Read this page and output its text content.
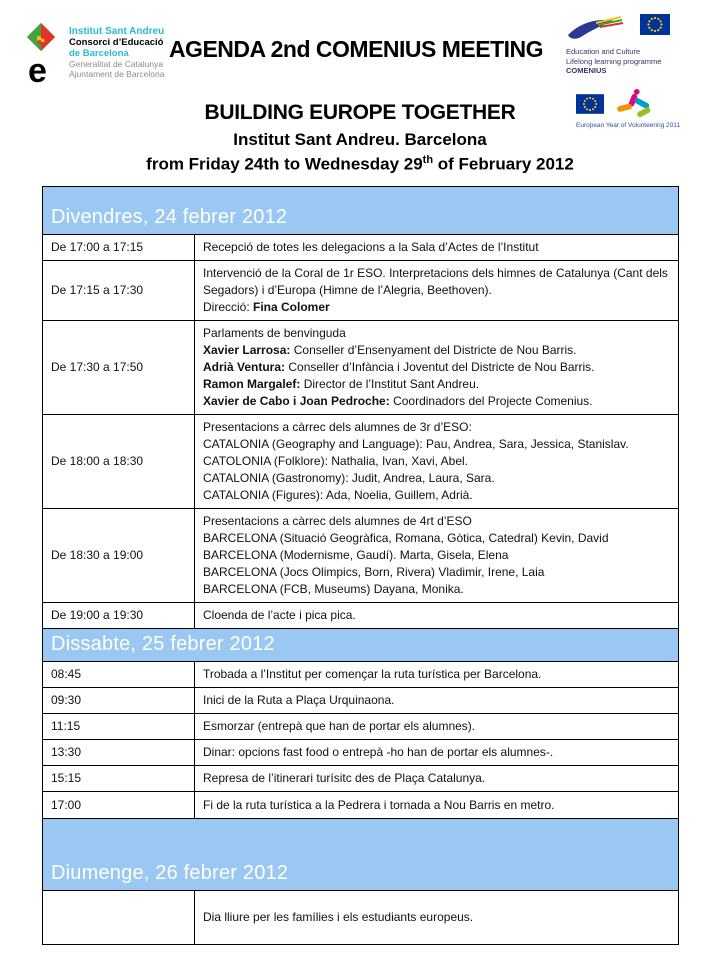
e
Institut Sant Andreu
Consorci d’Educació
de Barcelona
Generalitat de Catalunya
Ajuntament de Barcelona
AGENDA 2nd COMENIUS MEETING	Education and Culture
Lifelong learning programme
COMENIUS
European Year of Volunteering 2011
BUILDING EUROPE TOGETHER
Institut Sant Andreu. Barcelona
from Friday 24th to Wednesday 29th of February 2012
Divendres, 24 febrer 2012	
De 17:00 a 17:15	Recepció de totes les delegacions a la Sala d’Actes de l’Institut

De 17:15 a 17:30	Intervenció de la Coral de 1r ESO. Interpretacions dels himnes de Catalunya (Cant dels Segadors) i d’Europa (Himne de l’Alegria, Beethoven).
Direcció: Fina Colomer

De 17:30 a 17:50	Parlaments de benvinguda
Xavier Larrosa: Conseller d’Ensenyament del Districte de Nou Barris.
Adrià Ventura: Conseller d’Infància i Joventut del Districte de Nou Barris.
Ramon Margalef: Director de l’Institut Sant Andreu.
Xavier de Cabo i Joan Pedroche: Coordinadors del Projecte Comenius.

De 18:00 a 18:30	Presentacions a càrrec dels alumnes de 3r d’ESO:
CATALONIA (Geography and Language): Pau, Andrea, Sara, Jessica, Stanislav.
CATOLONIA (Folklore): Nathalia, Ivan, Xavi, Abel.
CATALONIA (Gastronomy): Judit, Andrea, Laura, Sara.
CATALONIA (Figures): Ada, Noelia, Guillem, Adrià.

De 18:30 a 19:00	Presentacions a càrrec dels alumnes de 4rt d’ESO
BARCELONA (Situació Geogràfica, Romana, Gòtica, Catedral) Kevin, David
BARCELONA (Modernisme, Gaudí). Marta, Gisela, Elena
BARCELONA (Jocs Olimpics, Born, Rivera) Vladimir, Irene, Laia
BARCELONA (FCB, Museums) Dayana, Monika.

De 19:00 a 19:30	Cloenda de l’acte i pica pica.

Dissabte, 25 febrer 2012	
08:45	Trobada a l’Institut per començar la ruta turística per Barcelona.

09:30	Inici de la Ruta a Plaça Urquinaona.

11:15	Esmorzar (entrepà que han de portar els alumnes).

13:30	Dinar: opcions fast food o entrepà -ho han de portar els alumnes-.

15:15	Represa de l’itinerari turísitc des de Plaça Catalunya.

17:00	Fi de la ruta turística a la Pedrera i tornada a Nou Barris en metro.

Diumenge, 26 febrer 2012	

	Dia lliure per les famílies i els estudiants europeus.
